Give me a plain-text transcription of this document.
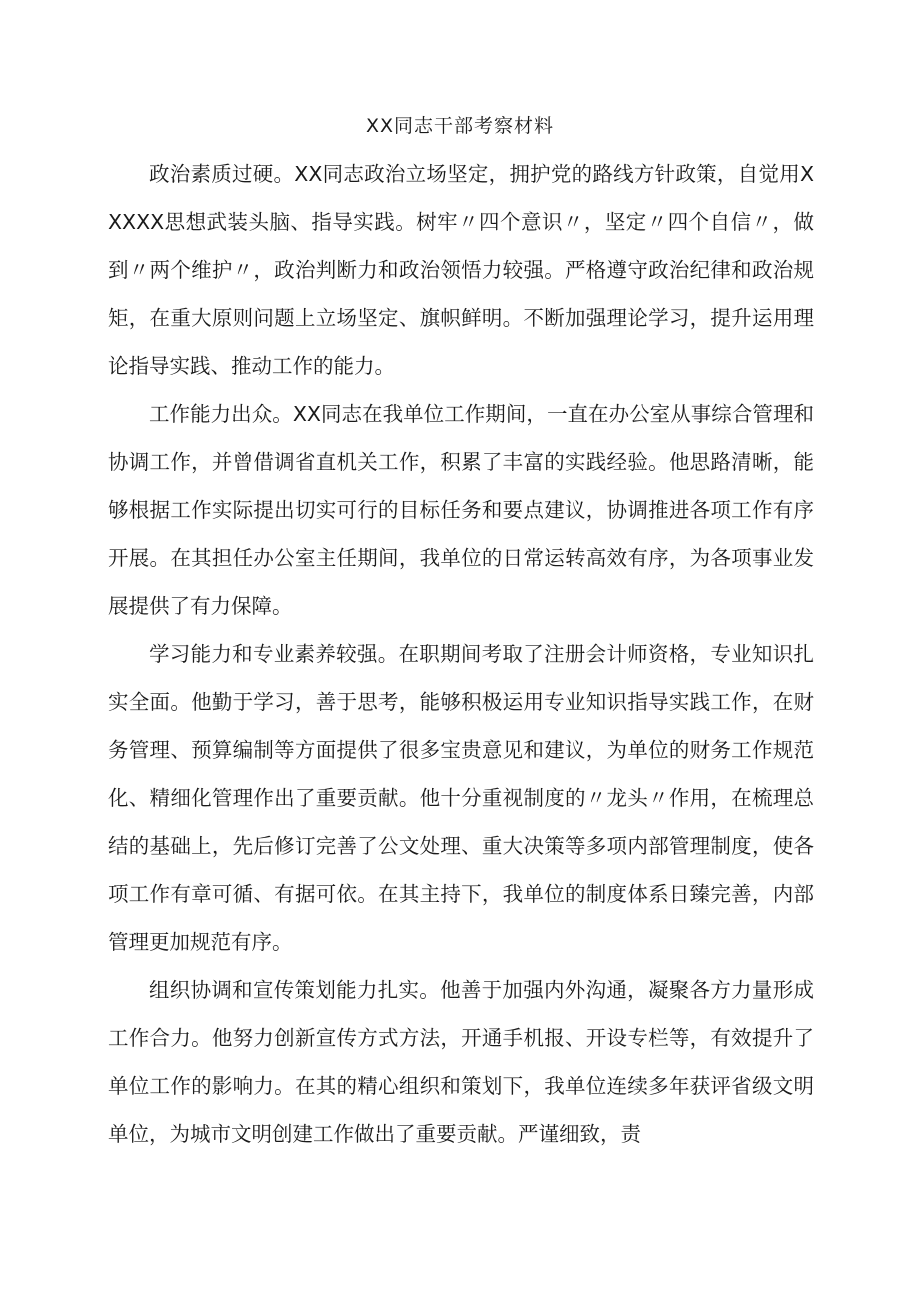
XX同志干部考察材料

政治素质过硬。XX同志政治立场坚定，拥护党的路线方针政策，自觉用XXXXX思想武装头脑、指导实践。树牢〃四个意识〃，坚定〃四个自信〃，做到〃两个维护〃，政治判断力和政治领悟力较强。严格遵守政治纪律和政治规矩，在重大原则问题上立场坚定、旗帜鲜明。不断加强理论学习，提升运用理论指导实践、推动工作的能力。

工作能力出众。XX同志在我单位工作期间，一直在办公室从事综合管理和协调工作，并曾借调省直机关工作，积累了丰富的实践经验。他思路清晰，能够根据工作实际提出切实可行的目标任务和要点建议，协调推进各项工作有序开展。在其担任办公室主任期间，我单位的日常运转高效有序，为各项事业发展提供了有力保障。

学习能力和专业素养较强。在职期间考取了注册会计师资格，专业知识扎实全面。他勤于学习，善于思考，能够积极运用专业知识指导实践工作，在财务管理、预算编制等方面提供了很多宝贵意见和建议，为单位的财务工作规范化、精细化管理作出了重要贡献。他十分重视制度的〃龙头〃作用，在梳理总结的基础上，先后修订完善了公文处理、重大决策等多项内部管理制度，使各项工作有章可循、有据可依。在其主持下，我单位的制度体系日臻完善，内部管理更加规范有序。

组织协调和宣传策划能力扎实。他善于加强内外沟通，凝聚各方力量形成工作合力。他努力创新宣传方式方法，开通手机报、开设专栏等，有效提升了单位工作的影响力。在其的精心组织和策划下，我单位连续多年获评省级文明单位，为城市文明创建工作做出了重要贡献。严谨细致，责
